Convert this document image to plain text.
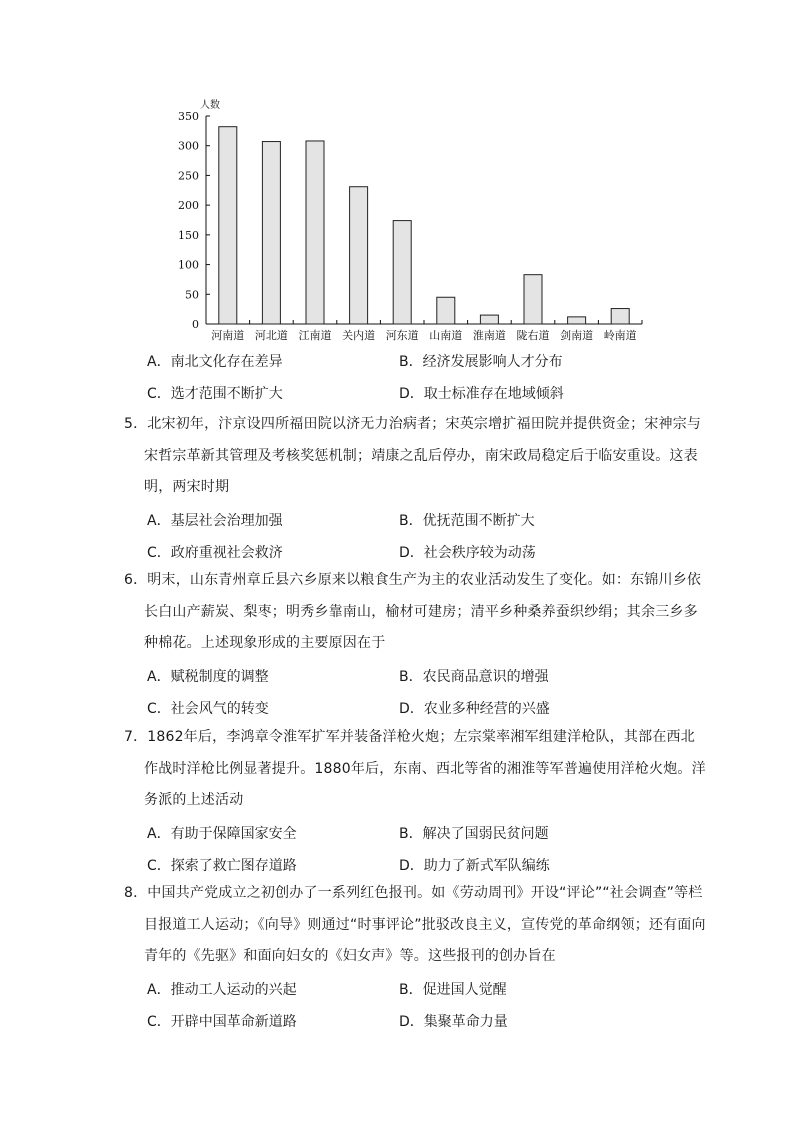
人数
0
50
100
150
200
250
300
350
河南道 河北道 江南道 关内道 河东道 山南道 淮南道 陇右道 剑南道 岭南道
A．南北文化存在差异	B．经济发展影响人才分布
C．选才范围不断扩大	D．取士标准存在地域倾斜

5．北宋初年，汴京设四所福田院以济无力治病者；宋英宗增扩福田院并提供资金；宋神宗与宋哲宗革新其管理及考核奖惩机制；靖康之乱后停办，南宋政局稳定后于临安重设。这表明，两宋时期

A．基层社会治理加强	B．优抚范围不断扩大
C．政府重视社会救济	D．社会秩序较为动荡

6．明末，山东青州章丘县六乡原来以粮食生产为主的农业活动发生了变化。如：东锦川乡依长白山产薪炭、梨枣；明秀乡靠南山，榆材可建房；清平乡种桑养蚕织纱绢；其余三乡多种棉花。上述现象形成的主要原因在于

A．赋税制度的调整	B．农民商品意识的增强
C．社会风气的转变	D．农业多种经营的兴盛

7．1862年后，李鸿章令淮军扩军并装备洋枪火炮；左宗棠率湘军组建洋枪队，其部在西北作战时洋枪比例显著提升。1880年后，东南、西北等省的湘淮等军普遍使用洋枪火炮。洋务派的上述活动

A．有助于保障国家安全	B．解决了国弱民贫问题
C．探索了救亡图存道路	D．助力了新式军队编练

8．中国共产党成立之初创办了一系列红色报刊。如《劳动周刊》开设“评论”“社会调查”等栏目报道工人运动；《向导》则通过“时事评论”批驳改良主义，宣传党的革命纲领；还有面向青年的《先驱》和面向妇女的《妇女声》等。这些报刊的创办旨在

A．推动工人运动的兴起	B．促进国人觉醒
C．开辟中国革命新道路	D．集聚革命力量
